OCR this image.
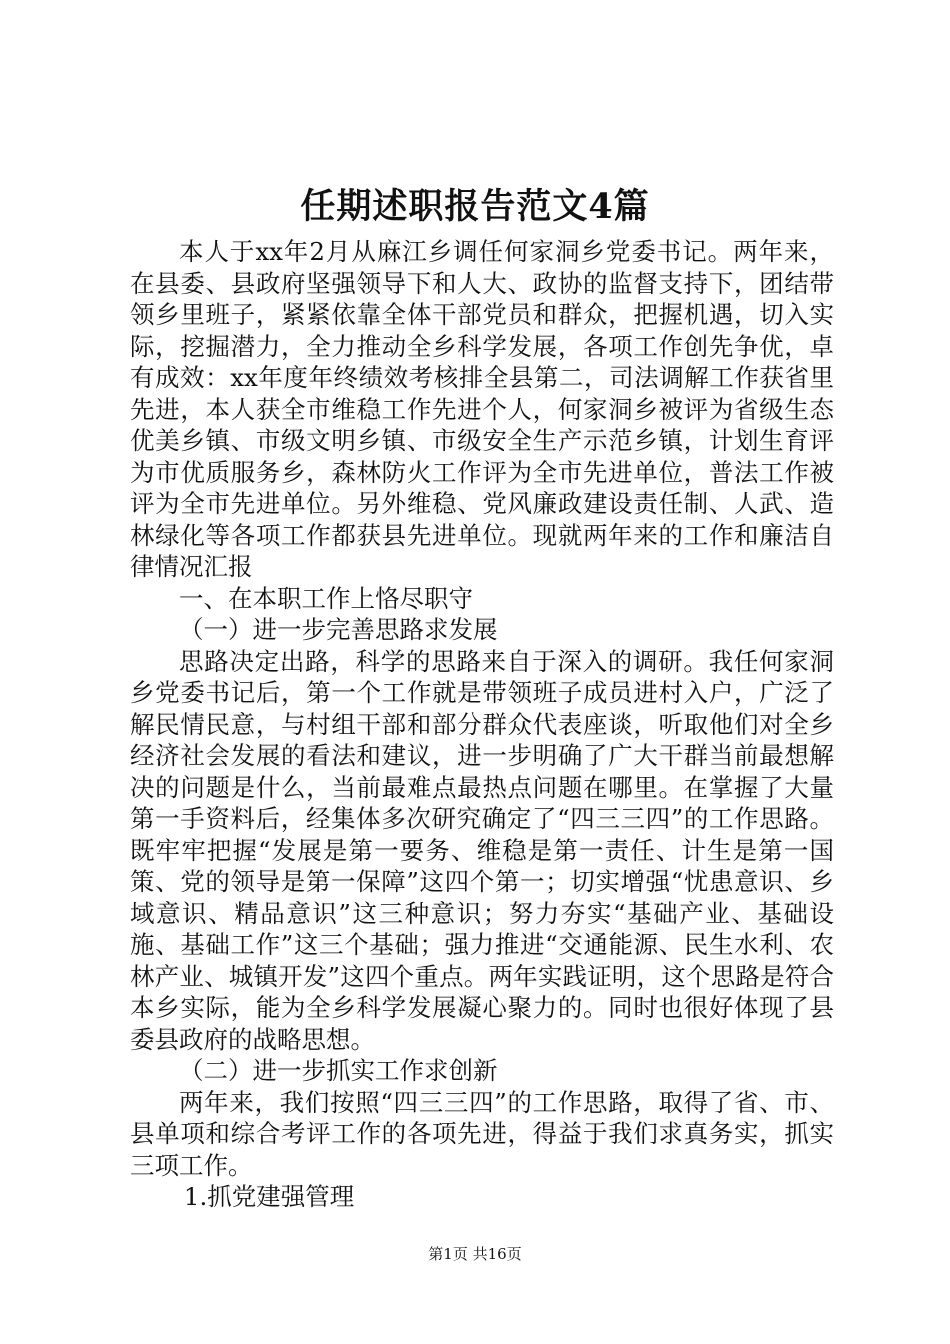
任期述职报告范文4篇

本人于xx年2月从麻江乡调任何家洞乡党委书记。两年来，在县委、县政府坚强领导下和人大、政协的监督支持下，团结带领乡里班子，紧紧依靠全体干部党员和群众，把握机遇，切入实际，挖掘潜力，全力推动全乡科学发展，各项工作创先争优，卓有成效：xx年度年终绩效考核排全县第二，司法调解工作获省里先进，本人获全市维稳工作先进个人，何家洞乡被评为省级生态优美乡镇、市级文明乡镇、市级安全生产示范乡镇，计划生育评为市优质服务乡，森林防火工作评为全市先进单位，普法工作被评为全市先进单位。另外维稳、党风廉政建设责任制、人武、造林绿化等各项工作都获县先进单位。现就两年来的工作和廉洁自律情况汇报

一、在本职工作上恪尽职守

（一）进一步完善思路求发展

思路决定出路，科学的思路来自于深入的调研。我任何家洞乡党委书记后，第一个工作就是带领班子成员进村入户，广泛了解民情民意，与村组干部和部分群众代表座谈，听取他们对全乡经济社会发展的看法和建议，进一步明确了广大干群当前最想解决的问题是什么，当前最难点最热点问题在哪里。在掌握了大量第一手资料后，经集体多次研究确定了“四三三四”的工作思路。既牢牢把握“发展是第一要务、维稳是第一责任、计生是第一国策、党的领导是第一保障”这四个第一；切实增强“忧患意识、乡域意识、精品意识”这三种意识；努力夯实“基础产业、基础设施、基础工作”这三个基础；强力推进“交通能源、民生水利、农林产业、城镇开发”这四个重点。两年实践证明，这个思路是符合本乡实际，能为全乡科学发展凝心聚力的。同时也很好体现了县委县政府的战略思想。

（二）进一步抓实工作求创新

两年来，我们按照“四三三四”的工作思路，取得了省、市、县单项和综合考评工作的各项先进，得益于我们求真务实，抓实三项工作。

1.抓党建强管理

第1页 共16页
